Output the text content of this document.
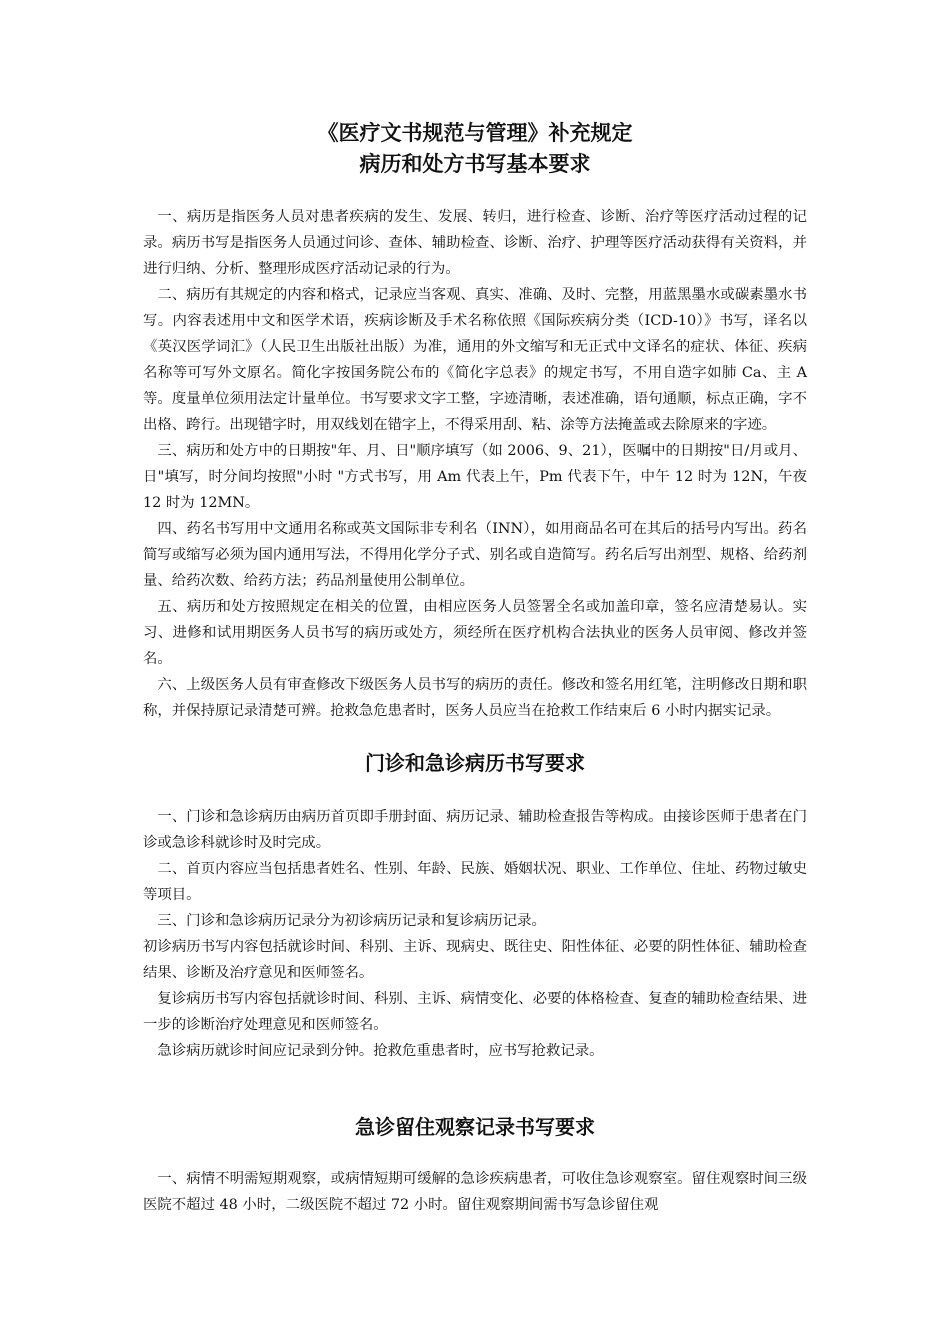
《医疗文书规范与管理》补充规定
病历和处方书写基本要求

一、病历是指医务人员对患者疾病的发生、发展、转归，进行检查、诊断、治疗等医疗活动过程的记录。病历书写是指医务人员通过问诊、查体、辅助检查、诊断、治疗、护理等医疗活动获得有关资料，并进行归纳、分析、整理形成医疗活动记录的行为。

二、病历有其规定的内容和格式，记录应当客观、真实、准确、及时、完整，用蓝黑墨水或碳素墨水书写。内容表述用中文和医学术语，疾病诊断及手术名称依照《国际疾病分类（ICD-10）》书写，译名以《英汉医学词汇》（人民卫生出版社出版）为准，通用的外文缩写和无正式中文译名的症状、体征、疾病名称等可写外文原名。简化字按国务院公布的《简化字总表》的规定书写，不用自造字如肺 Ca、主 A 等。度量单位须用法定计量单位。书写要求文字工整，字迹清晰，表述准确，语句通顺，标点正确，字不出格、跨行。出现错字时，用双线划在错字上，不得采用刮、粘、涂等方法掩盖或去除原来的字迹。

三、病历和处方中的日期按"年、月、日"顺序填写（如 2006、9、21），医嘱中的日期按"日/月或月、日"填写，时分间均按照"小时 "方式书写，用 Am 代表上午，Pm 代表下午，中午 12 时为 12N，午夜 12 时为 12MN。

四、药名书写用中文通用名称或英文国际非专利名（INN），如用商品名可在其后的括号内写出。药名简写或缩写必须为国内通用写法，不得用化学分子式、别名或自造简写。药名后写出剂型、规格、给药剂量、给药次数、给药方法；药品剂量使用公制单位。

五、病历和处方按照规定在相关的位置，由相应医务人员签署全名或加盖印章，签名应清楚易认。实习、进修和试用期医务人员书写的病历或处方，须经所在医疗机构合法执业的医务人员审阅、修改并签名。

六、上级医务人员有审查修改下级医务人员书写的病历的责任。修改和签名用红笔，注明修改日期和职称，并保持原记录清楚可辨。抢救急危患者时，医务人员应当在抢救工作结束后 6 小时内据实记录。

门诊和急诊病历书写要求

一、门诊和急诊病历由病历首页即手册封面、病历记录、辅助检查报告等构成。由接诊医师于患者在门诊或急诊科就诊时及时完成。

二、首页内容应当包括患者姓名、性别、年龄、民族、婚姻状况、职业、工作单位、住址、药物过敏史等项目。

三、门诊和急诊病历记录分为初诊病历记录和复诊病历记录。

初诊病历书写内容包括就诊时间、科别、主诉、现病史、既往史、阳性体征、必要的阴性体征、辅助检查结果、诊断及治疗意见和医师签名。

复诊病历书写内容包括就诊时间、科别、主诉、病情变化、必要的体格检查、复查的辅助检查结果、进一步的诊断治疗处理意见和医师签名。

急诊病历就诊时间应记录到分钟。抢救危重患者时，应书写抢救记录。

急诊留住观察记录书写要求

一、病情不明需短期观察，或病情短期可缓解的急诊疾病患者，可收住急诊观察室。留住观察时间三级医院不超过 48 小时，二级医院不超过 72 小时。留住观察期间需书写急诊留住观
